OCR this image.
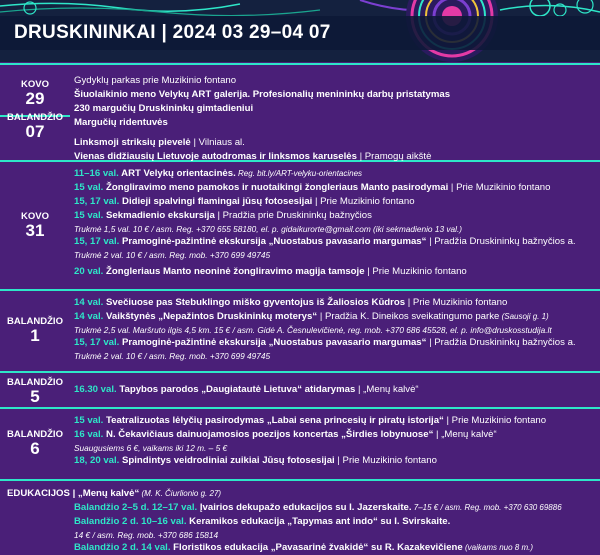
DRUSKININKAI | 2024 03 29–04 07
KOVO
29
BALANDŽIO
07
Gydyklų parkas prie Muzikinio fontano
Šiuolaikinio meno Velykų ART galerija. Profesionalių menininkų darbų pristatymas
230 margučių Druskininkų gimtadieniui
Margučių ridentuvės
Linksmoji striksių pievelė | Vilniaus al.
Vienas didžiausių Lietuvoje autodromas ir linksmos karuselės | Pramogų aikštė
KOVO
31
11–16 val. ART Velykų orientacinės. Reg. bit.ly/ART-velyku-orientacines
15 val. Žongliravimo meno pamokos ir nuotaikingi žongleriaus Manto pasirodymai | Prie Muzikinio fontano
15, 17 val. Didieji spalvingi flamingai jūsų fotosesijai | Prie Muzikinio fontano
15 val. Sekmadienio ekskursija | Pradžia prie Druskininkų bažnyčios
Trukmė 1,5 val. 10 € / asm. Reg. +370 655 58180, el. p. gidaikurorte@gmail.com (iki sekmadienio 13 val.)
15, 17 val. Pramoginė-pažintinė ekskursija „Nuostabus pavasario margumas“ | Pradžia Druskininkų bažnyčios a.
Trukmė 2 val. 10 € / asm. Reg. mob. +370 699 49745
20 val. Žongleriaus Manto neoninė žongliravimo magija tamsoje | Prie Muzikinio fontano
BALANDŽIO
1
14 val. Svečiuose pas Stebuklingo miško gyventojus iš Žaliosios Kūdros | Prie Muzikinio fontano
14 val. Vaikštynės „Nepažintos Druskininkų moterys“ | Pradžia K. Dineikos sveikatingumo parke (Sausoji g. 1)
Trukmė 2,5 val. Maršruto ilgis 4,5 km. 15 € / asm. Gidė A. Česnulevičienė, reg. mob. +370 686 45528, el. p. info@druskosstudija.lt
15, 17 val. Pramoginė-pažintinė ekskursija „Nuostabus pavasario margumas“ | Pradžia Druskininkų bažnyčios a.
Trukmė 2 val. 10 € / asm. Reg. mob. +370 699 49745
BALANDŽIO
5	16.30 val. Tapybos parodos „Daugiatautė Lietuva“ atidarymas | „Menų kalvė“
BALANDŽIO
6
15 val. Teatralizuotas lėlyčių pasirodymas „Labai sena princesių ir piratų istorija“ | Prie Muzikinio fontano
16 val. N. Čekavičiaus dainuojamosios poezijos koncertas „Širdies lobynuose“ | „Menų kalvė“
Suaugusiems 6 €, vaikams iki 12 m. – 5 €
18, 20 val. Spindintys veidrodiniai zuikiai Jūsų fotosesijai | Prie Muzikinio fontano
EDUKACIJOS | „Menų kalvė“ (M. K. Čiurlionio g. 27)
Balandžio 2–5 d. 12–17 val. Įvairios dekupažo edukacijos su I. Jazerskaite. 7–15 € / asm. Reg. mob. +370 630 69886
Balandžio 2 d. 10–16 val. Keramikos edukacija „Tapymas ant indo“ su I. Svirskaite.
14 € / asm. Reg. mob. +370 686 15814
Balandžio 2 d. 14 val. Floristikos edukacija „Pavasarinė žvakidė“ su R. Kazakevičiene (vaikams nuo 8 m.)
